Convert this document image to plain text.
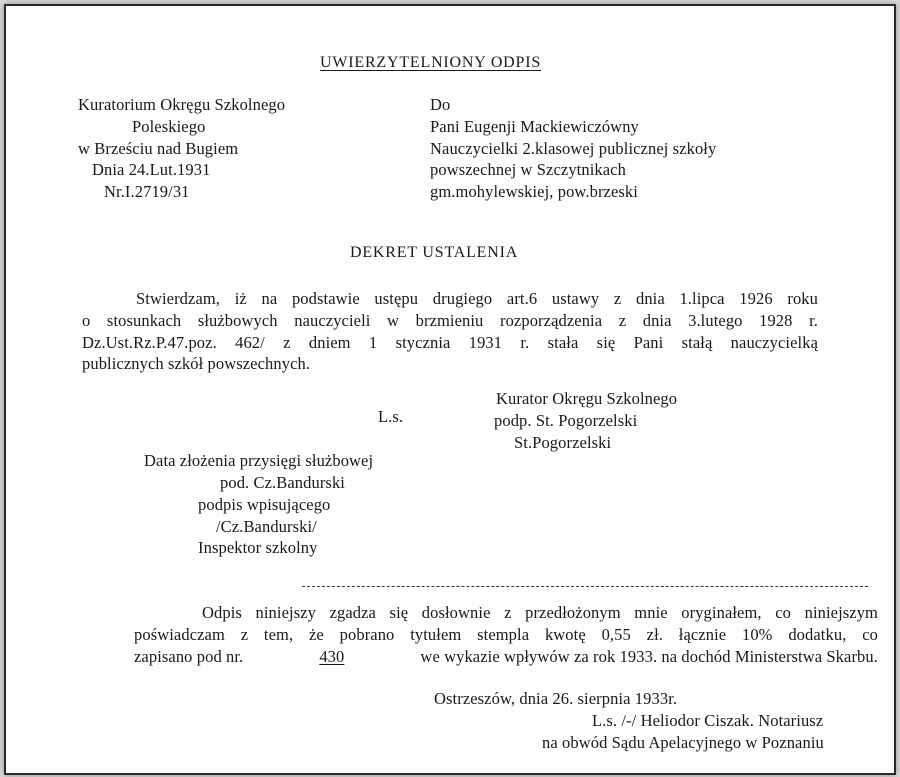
UWIERZYTELNIONY ODPIS
Kuratorium Okręgu Szkolnego
Poleskiego
w Brześciu nad Bugiem
Dnia 24.Lut.1931
Nr.I.2719/31
Do
Pani Eugenji Mackiewiczówny
Nauczycielki 2.klasowej publicznej szkoły
powszechnej w Szczytnikach
gm.mohylewskiej, pow.brzeski
DEKRET USTALENIA
Stwierdzam, iż na podstawie ustępu drugiego art.6 ustawy z dnia 1.lipca 1926 roku
o stosunkach służbowych nauczycieli w brzmieniu rozporządzenia z dnia 3.lutego 1928 r.
Dz.Ust.Rz.P.47.poz. 462/ z dniem 1 stycznia 1931 r. stała się Pani stałą nauczycielką
publicznych szkół powszechnych.
L.s.
Kurator Okręgu Szkolnego
podp. St. Pogorzelski
St.Pogorzelski
Data złożenia przysięgi służbowej
pod. Cz.Bandurski
podpis wpisującego
/Cz.Bandurski/
Inspektor szkolny
Odpis niniejszy zgadza się dosłownie z przedłożonym mnie oryginałem, co niniejszym
poświadczam z tem, że pobrano tytułem stempla kwotę 0,55 zł. łącznie 10% dodatku, co
zapisano pod nr.	430	we wykazie wpływów za rok 1933. na dochód Ministerstwa Skarbu.
Ostrzeszów, dnia 26. sierpnia 1933r.
L.s. /-/ Heliodor Ciszak. Notariusz
na obwód Sądu Apelacyjnego w Poznaniu
